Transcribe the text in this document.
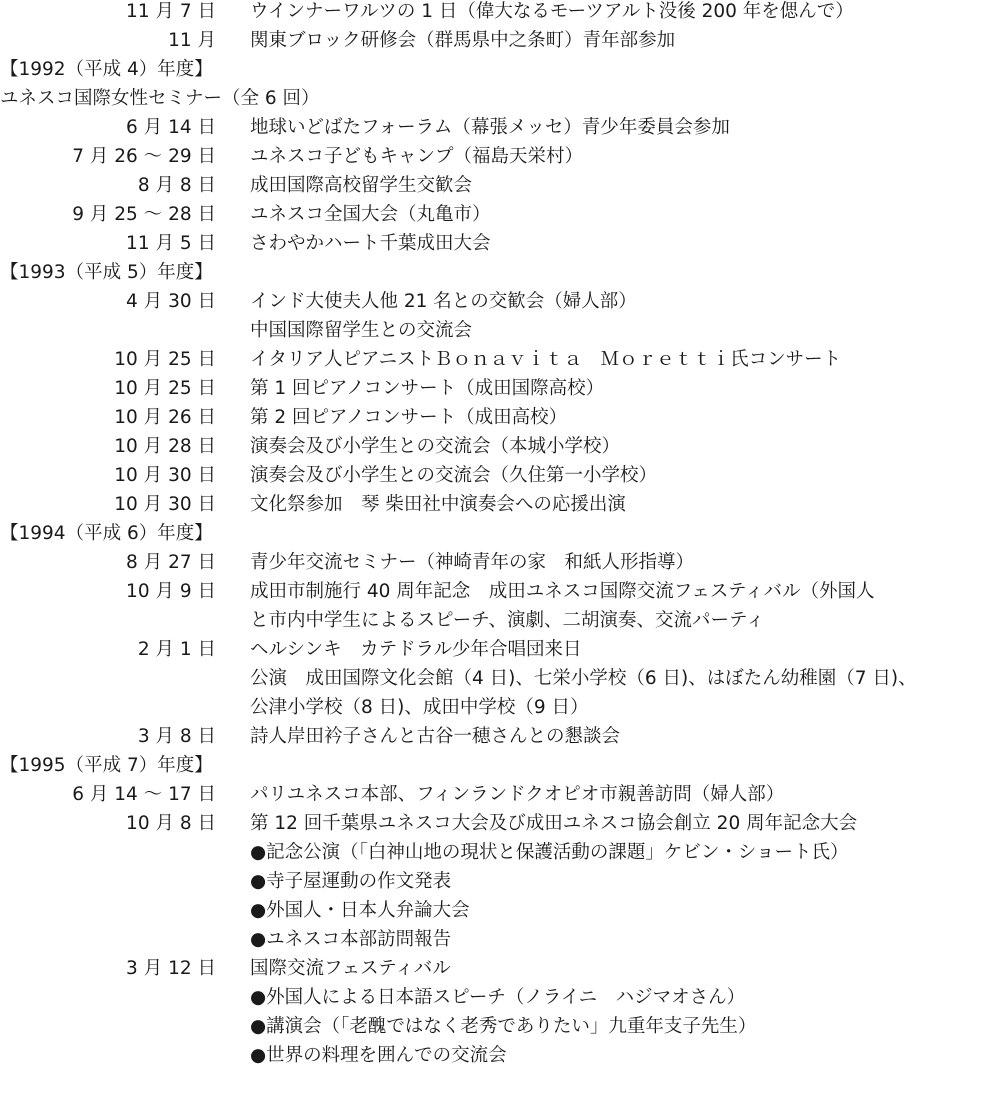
11 月 7 日 ウインナーワルツの 1 日（偉大なるモーツアルト没後 200 年を偲んで）
11 月 関東ブロック研修会（群馬県中之条町）青年部参加
【1992（平成 4）年度】
ユネスコ国際女性セミナー（全 6 回）
6 月 14 日 地球いどばたフォーラム（幕張メッセ）青少年委員会参加
7 月 26 ～ 29 日 ユネスコ子どもキャンプ（福島天栄村）
8 月 8 日 成田国際高校留学生交歓会
9 月 25 ～ 28 日 ユネスコ全国大会（丸亀市）
11 月 5 日 さわやかハート千葉成田大会
【1993（平成 5）年度】
4 月 30 日 インド大使夫人他 21 名との交歓会（婦人部）
中国国際留学生との交流会
10 月 25 日 イタリア人ピアニストＢｏｎａｖｉｔａ　Ｍｏｒｅｔｔｉ氏コンサート
10 月 25 日 第 1 回ピアノコンサート（成田国際高校）
10 月 26 日 第 2 回ピアノコンサート（成田高校）
10 月 28 日 演奏会及び小学生との交流会（本城小学校）
10 月 30 日 演奏会及び小学生との交流会（久住第一小学校）
10 月 30 日 文化祭参加　琴 柴田社中演奏会への応援出演
【1994（平成 6）年度】
8 月 27 日 青少年交流セミナー（神崎青年の家　和紙人形指導）
10 月 9 日 成田市制施行 40 周年記念　成田ユネスコ国際交流フェスティバル（外国人
と市内中学生によるスピーチ、演劇、二胡演奏、交流パーティ
2 月 1 日 ヘルシンキ　カテドラル少年合唱団来日
公演　成田国際文化会館（4 日)、七栄小学校（6 日)、はぼたん幼稚園（7 日)、
公津小学校（8 日)、成田中学校（9 日）
3 月 8 日 詩人岸田衿子さんと古谷一穂さんとの懇談会
【1995（平成 7）年度】
6 月 14 ～ 17 日 パリユネスコ本部、フィンランドクオピオ市親善訪問（婦人部）
10 月 8 日 第 12 回千葉県ユネスコ大会及び成田ユネスコ協会創立 20 周年記念大会
●記念公演（「白神山地の現状と保護活動の課題」ケビン・ショート氏）
●寺子屋運動の作文発表
●外国人・日本人弁論大会
●ユネスコ本部訪問報告
3 月 12 日 国際交流フェスティバル
●外国人による日本語スピーチ（ノライニ　ハジマオさん）
●講演会（「老醜ではなく老秀でありたい」九重年支子先生）
●世界の料理を囲んでの交流会
